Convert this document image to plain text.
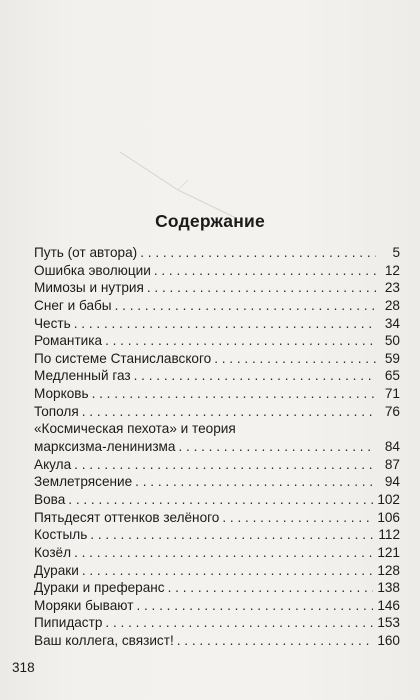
Содержание
Путь (от автора) . . .	5
Ошибка эволюции . . .	12
Мимозы и нутрия . . .	23
Снег и бабы . . .	28
Честь . . .	34
Романтика . . .	50
По системе Станиславского . . .	59
Медленный газ . . .	65
Морковь . . .	71
Тополя . . .	76
«Космическая пехота» и теория
марксизма-ленинизма . . .	84
Акула . . .	87
Землетрясение . . .	94
Вова . . .	102
Пятьдесят оттенков зелёного . . .	106
Костыль . . .	112
Козёл . . .	121
Дураки . . .	128
Дураки и преферанс . . .	138
Моряки бывают . . .	146
Пипидастр . . .	153
Ваш коллега, связист! . . .	160
318
